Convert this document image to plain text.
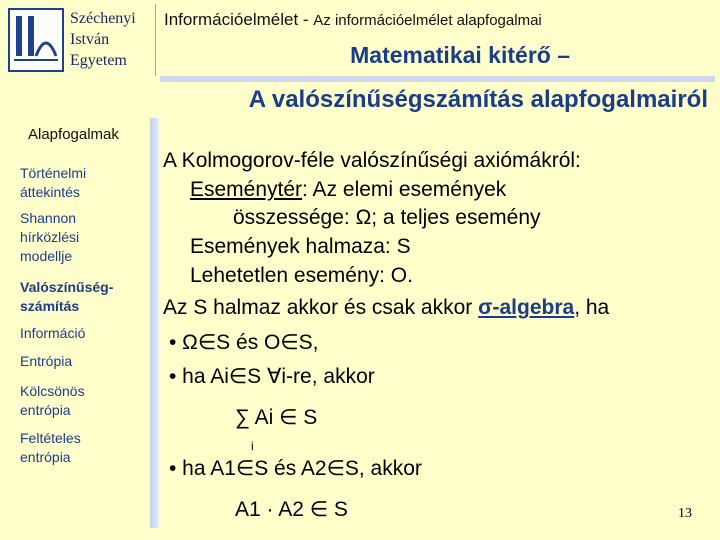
Széchenyi
István
Egyetem
Információelmélet - Az információelmélet alapfogalmai
Matematikai kitérő –
A valószínűségszámítás alapfogalmairól
Alapfogalmak
Történelmi áttekintés
Shannon hírközlési modellje
Valószínűség-számítás
Információ
Entrópia
Kölcsönös entrópia
Feltételes entrópia
A Kolmogorov-féle valószínűségi axiómákról:
Eseménytér: Az elemi események
összessége: Ω; a teljes esemény
Események halmaza: S
Lehetetlen esemény: O.
Az S halmaz akkor és csak akkor σ-algebra, ha
• Ω∈S és O∈S,
• ha Ai∈S ∀i-re, akkor
∑ Ai ∈ S
i
• ha A1∈S és A2∈S, akkor
A1 · A2 ∈ S	13
